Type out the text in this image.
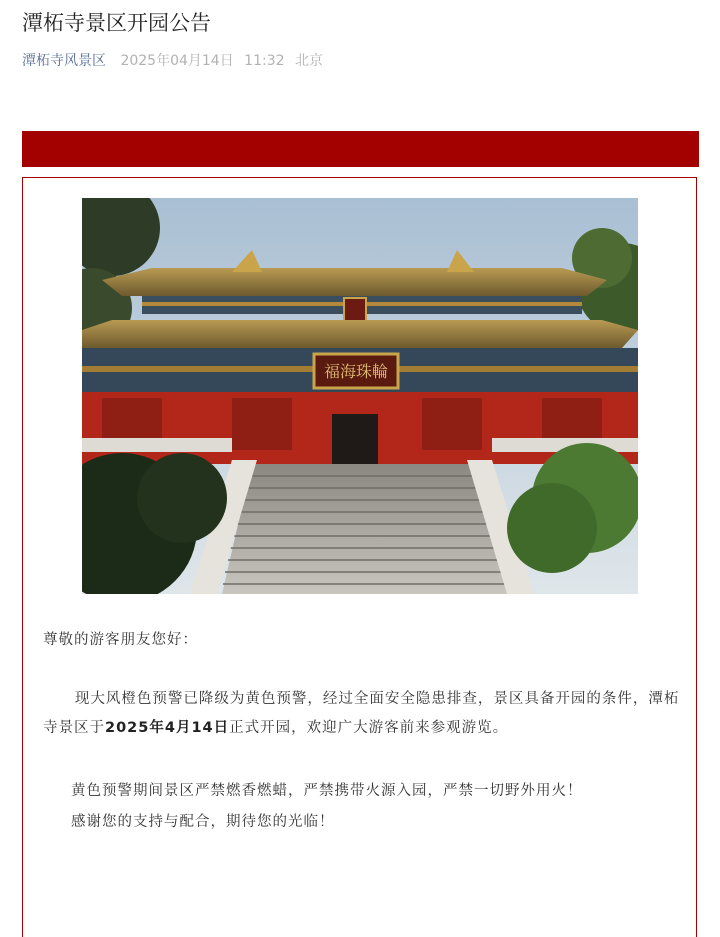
潭柘寺景区开园公告
潭柘寺风景区 2025年04月14日 11:32 北京
福海珠輪
尊敬的游客朋友您好：
现大风橙色预警已降级为黄色预警，经过全面安全隐患排查，景区具备开园的条件，潭柘寺景区于2025年4月14日正式开园，欢迎广大游客前来参观游览。
黄色预警期间景区严禁燃香燃蜡，严禁携带火源入园，严禁一切野外用火！
感谢您的支持与配合，期待您的光临！
